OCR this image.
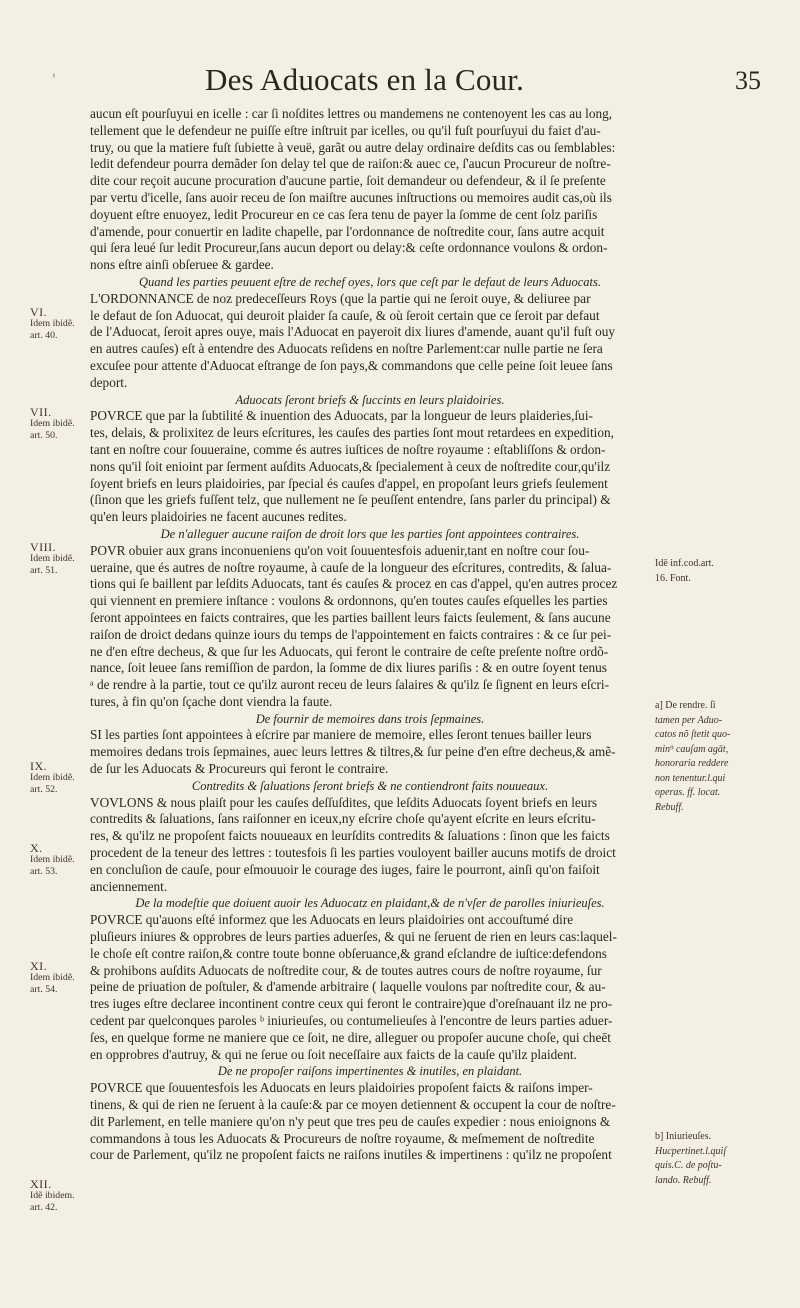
'	Des Aduocats en la Cour.	35
aucun eſt pourſuyui en icelle : car ſi noſdites lettres ou mandemens ne contenoyent les cas au long,
tellement que le defendeur ne puiſſe eſtre inſtruit par icelles, ou qu'il fuſt pourſuyui du faiɛt d'au-
truy, ou que la matiere fuſt ſubiette à veuë, garãt ou autre delay ordinaire deſdits cas ou ſemblables:
ledit defendeur pourra demãder ſon delay tel que de raiſon:& auec ce, ſ'aucun Procureur de noſtre-
dite cour reçoit aucune procuration d'aucune partie, ſoit demandeur ou defendeur, & il ſe preſente
par vertu d'icelle, ſans auoir receu de ſon maiſtre aucunes inſtructions ou memoires audit cas,où ils
doyuent eſtre enuoyez, ledit Procureur en ce cas ſera tenu de payer la ſomme de cent ſolz pariſis
d'amende, pour conuertir en ladite chapelle, par l'ordonnance de noſtredite cour, ſans autre acquit
qui ſera leué ſur ledit Procureur,ſans aucun deport ou delay:& ceſte ordonnance voulons & ordon-
nons eſtre ainſi obſeruee & gardee.
Quand les parties peuuent eſtre de rechef oyes, lors que ceſt par le defaut de leurs Aduocats.
L'ORDONNANCE de noz predeceſſeurs Roys (que la partie qui ne ſeroit ouye, & deliuree par
le defaut de ſon Aduocat, qui deuroit plaider ſa cauſe, & où ſeroit certain que ce ſeroit par defaut
de l'Aduocat, ſeroit apres ouye, mais l'Aduocat en payeroit dix liures d'amende, auant qu'il fuſt ouy
en autres cauſes) eſt à entendre des Aduocats reſidens en noſtre Parlement:car nulle partie ne ſera
excuſee pour attente d'Aduocat eſtrange de ſon pays,& commandons que celle peine ſoit leuee ſans
deport.
Aduocats ſeront briefs & ſuccints en leurs plaidoiries.
POVRCE que par la ſubtilité & inuention des Aduocats, par la longueur de leurs plaideries,ſui-
tes, delais, & prolixitez de leurs eſcritures, les cauſes des parties ſont mout retardees en expedition,
tant en noſtre cour ſouueraine, comme és autres iuſtices de noſtre royaume : eſtabliſſons & ordon-
nons qu'il ſoit enioint par ſerment auſdits Aduocats,& ſpecialement à ceux de noſtredite cour,qu'ilz
ſoyent briefs en leurs plaidoiries, par ſpecial és cauſes d'appel, en propoſant leurs griefs ſeulement
(ſinon que les griefs fuſſent telz, que nullement ne ſe peuſſent entendre, ſans parler du principal) &
qu'en leurs plaidoiries ne facent aucunes redites.
De n'alleguer aucune raiſon de droit lors que les parties ſont appointees contraires.
POVR obuier aux grans inconueniens qu'on voit ſouuentesfois aduenir,tant en noſtre cour ſou-
ueraine, que és autres de noſtre royaume, à cauſe de la longueur des eſcritures, contredits, & ſalua-
tions qui ſe baillent par leſdits Aduocats, tant és cauſes & procez en cas d'appel, qu'en autres procez
qui viennent en premiere inſtance : voulons & ordonnons, qu'en toutes cauſes eſquelles les parties
ſeront appointees en faicts contraires, que les parties baillent leurs faicts ſeulement, & ſans aucune
raiſon de droict dedans quinze iours du temps de l'appointement en faicts contraires : & ce ſur pei-
ne d'en eſtre decheus, & que ſur les Aduocats, qui feront le contraire de ceſte preſente noſtre ordõ-
nance, ſoit leuee ſans remiſſion de pardon, la ſomme de dix liures pariſis : & en outre ſoyent tenus
ᵃ de rendre à la partie, tout ce qu'ilz auront receu de leurs ſalaires & qu'ilz ſe ſignent en leurs eſcri-
tures, à fin qu'on ſçache dont viendra la faute.
De fournir de memoires dans trois ſepmaines.
SI les parties ſont appointees à eſcrire par maniere de memoire, elles ſeront tenues bailler leurs
memoires dedans trois ſepmaines, auec leurs lettres & tiltres,& ſur peine d'en eſtre decheus,& amẽ-
de ſur les Aduocats & Procureurs qui feront le contraire.
Contredits & ſaluations ſeront briefs & ne contiendront faits nouueaux.
VOVLONS & nous plaiſt pour les cauſes deſſuſdites, que leſdits Aduocats ſoyent briefs en leurs
contredits & ſaluations, ſans raiſonner en iceux,ny eſcrire choſe qu'ayent eſcrite en leurs eſcritu-
res, & qu'ilz ne propoſent faicts nouueaux en leurſdits contredits & ſaluations : ſinon que les faicts
procedent de la teneur des lettres : toutesfois ſi les parties vouloyent bailler aucuns motifs de droict
en concluſion de cauſe, pour eſmouuoir le courage des iuges, faire le pourront, ainſi qu'on faiſoit
anciennement.
De la modeſtie que doiuent auoir les Aduocatz en plaidant,& de n'vſer de parolles iniurieuſes.
POVRCE qu'auons eſté informez que les Aduocats en leurs plaidoiries ont accouſtumé dire
pluſieurs iniures & opprobres de leurs parties aduerſes, & qui ne ſeruent de rien en leurs cas:laquel-
le choſe eſt contre raiſon,& contre toute bonne obſeruance,& grand eſclandre de iuſtice:defendons
& prohibons auſdits Aduocats de noſtredite cour, & de toutes autres cours de noſtre royaume, ſur
peine de priuation de poſtuler, & d'amende arbitraire ( laquelle voulons par noſtredite cour, & au-
tres iuges eſtre declaree incontinent contre ceux qui feront le contraire)que d'oreſnauant ilz ne pro-
cedent par quelconques paroles ᵇ iniurieuſes, ou contumelieuſes à l'encontre de leurs parties aduer-
ſes, en quelque forme ne maniere que ce ſoit, ne dire, alleguer ou propoſer aucune choſe, qui cheēt
en opprobres d'autruy, & qui ne ſerue ou ſoit neceſſaire aux faicts de la cauſe qu'ilz plaident.
De ne propoſer raiſons impertinentes & inutiles, en plaidant.
POVRCE que ſouuentesfois les Aduocats en leurs plaidoiries propoſent faicts & raiſons imper-
tinens, & qui de rien ne ſeruent à la cauſe:& par ce moyen detiennent & occupent la cour de noſtre-
dit Parlement, en telle maniere qu'on n'y peut que tres peu de cauſes expedier : nous enioignons &
commandons à tous les Aduocats & Procureurs de noſtre royaume, & meſmement de noſtredite
cour de Parlement, qu'ilz ne propoſent faicts ne raiſons inutiles & impertinens : qu'ilz ne propoſent
VI.
Idem ibidẽ.
art. 40.
VII.
Idem ibidẽ.
art. 50.
VIII.
Idem ibidẽ.
art. 51.
IX.
Idem ibidẽ.
art. 52.
X.
Idem ibidẽ.
art. 53.
XI.
Idem ibidẽ.
art. 54.
XII.
Idẽ ibidem.
art. 42.
Idē inf.cod.art.
16. Font.
a] De rendre. ſi
tamen per Aduo-
catos nõ ſtetit quo-
min⁹ cauſam agāt,
honoraria reddere
non tenentur.l.qui
operas. ff. locat.
Rebuff.
b] Iniurieuſes.
Hucpertinet.l.quiſ
quis.C. de poſtu-
lando. Rebuff.
